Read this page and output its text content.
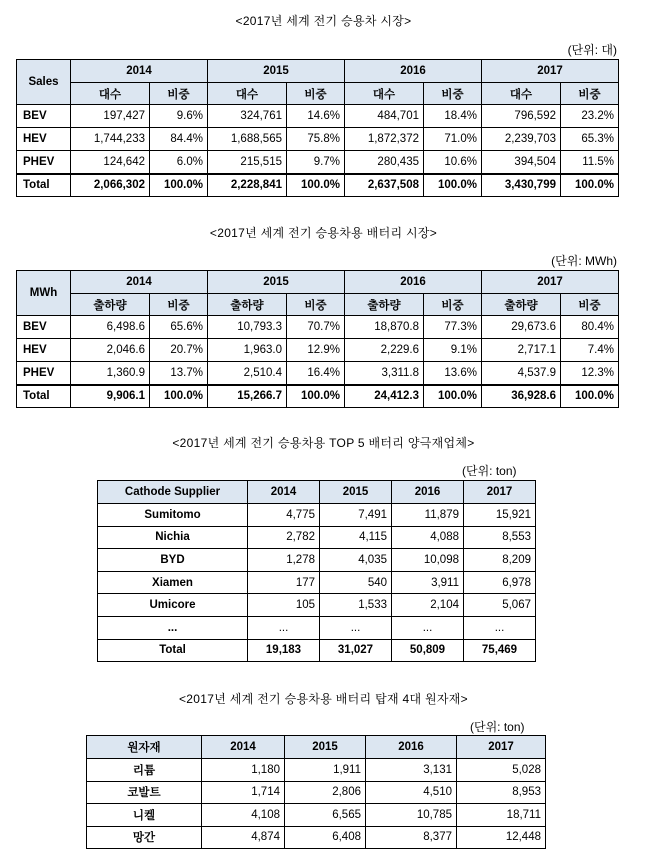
<2017년 세계 전기 승용차 시장>
(단위: 대)
Sales	2014		2015		2016		2017	
	대수	비중	대수	비중	대수	비중	대수	비중
BEV	197,427	9.6%	324,761	14.6%	484,701	18.4%	796,592	23.2%
HEV	1,744,233	84.4%	1,688,565	75.8%	1,872,372	71.0%	2,239,703	65.3%
PHEV	124,642	6.0%	215,515	9.7%	280,435	10.6%	394,504	11.5%
Total	2,066,302	100.0%	2,228,841	100.0%	2,637,508	100.0%	3,430,799	100.0%
<2017년 세계 전기 승용차용 배터리 시장>
(단위: MWh)
MWh	2014		2015		2016		2017	
	출하량	비중	출하량	비중	출하량	비중	출하량	비중
BEV	6,498.6	65.6%	10,793.3	70.7%	18,870.8	77.3%	29,673.6	80.4%
HEV	2,046.6	20.7%	1,963.0	12.9%	2,229.6	9.1%	2,717.1	7.4%
PHEV	1,360.9	13.7%	2,510.4	16.4%	3,311.8	13.6%	4,537.9	12.3%
Total	9,906.1	100.0%	15,266.7	100.0%	24,412.3	100.0%	36,928.6	100.0%
<2017년 세계 전기 승용차용 TOP 5 배터리 양극재업체>
(단위: ton)
Cathode Supplier	2014	2015	2016	2017
Sumitomo	4,775	7,491	11,879	15,921
Nichia	2,782	4,115	4,088	8,553
BYD	1,278	4,035	10,098	8,209
Xiamen	177	540	3,911	6,978
Umicore	105	1,533	2,104	5,067
...	...	...	...	...
Total	19,183	31,027	50,809	75,469
<2017년 세계 전기 승용차용 배터리 탑재 4대 원자재>
(단위: ton)
원자재	2014	2015	2016	2017
리튬	1,180	1,911	3,131	5,028
코발트	1,714	2,806	4,510	8,953
니켈	4,108	6,565	10,785	18,711
망간	4,874	6,408	8,377	12,448
